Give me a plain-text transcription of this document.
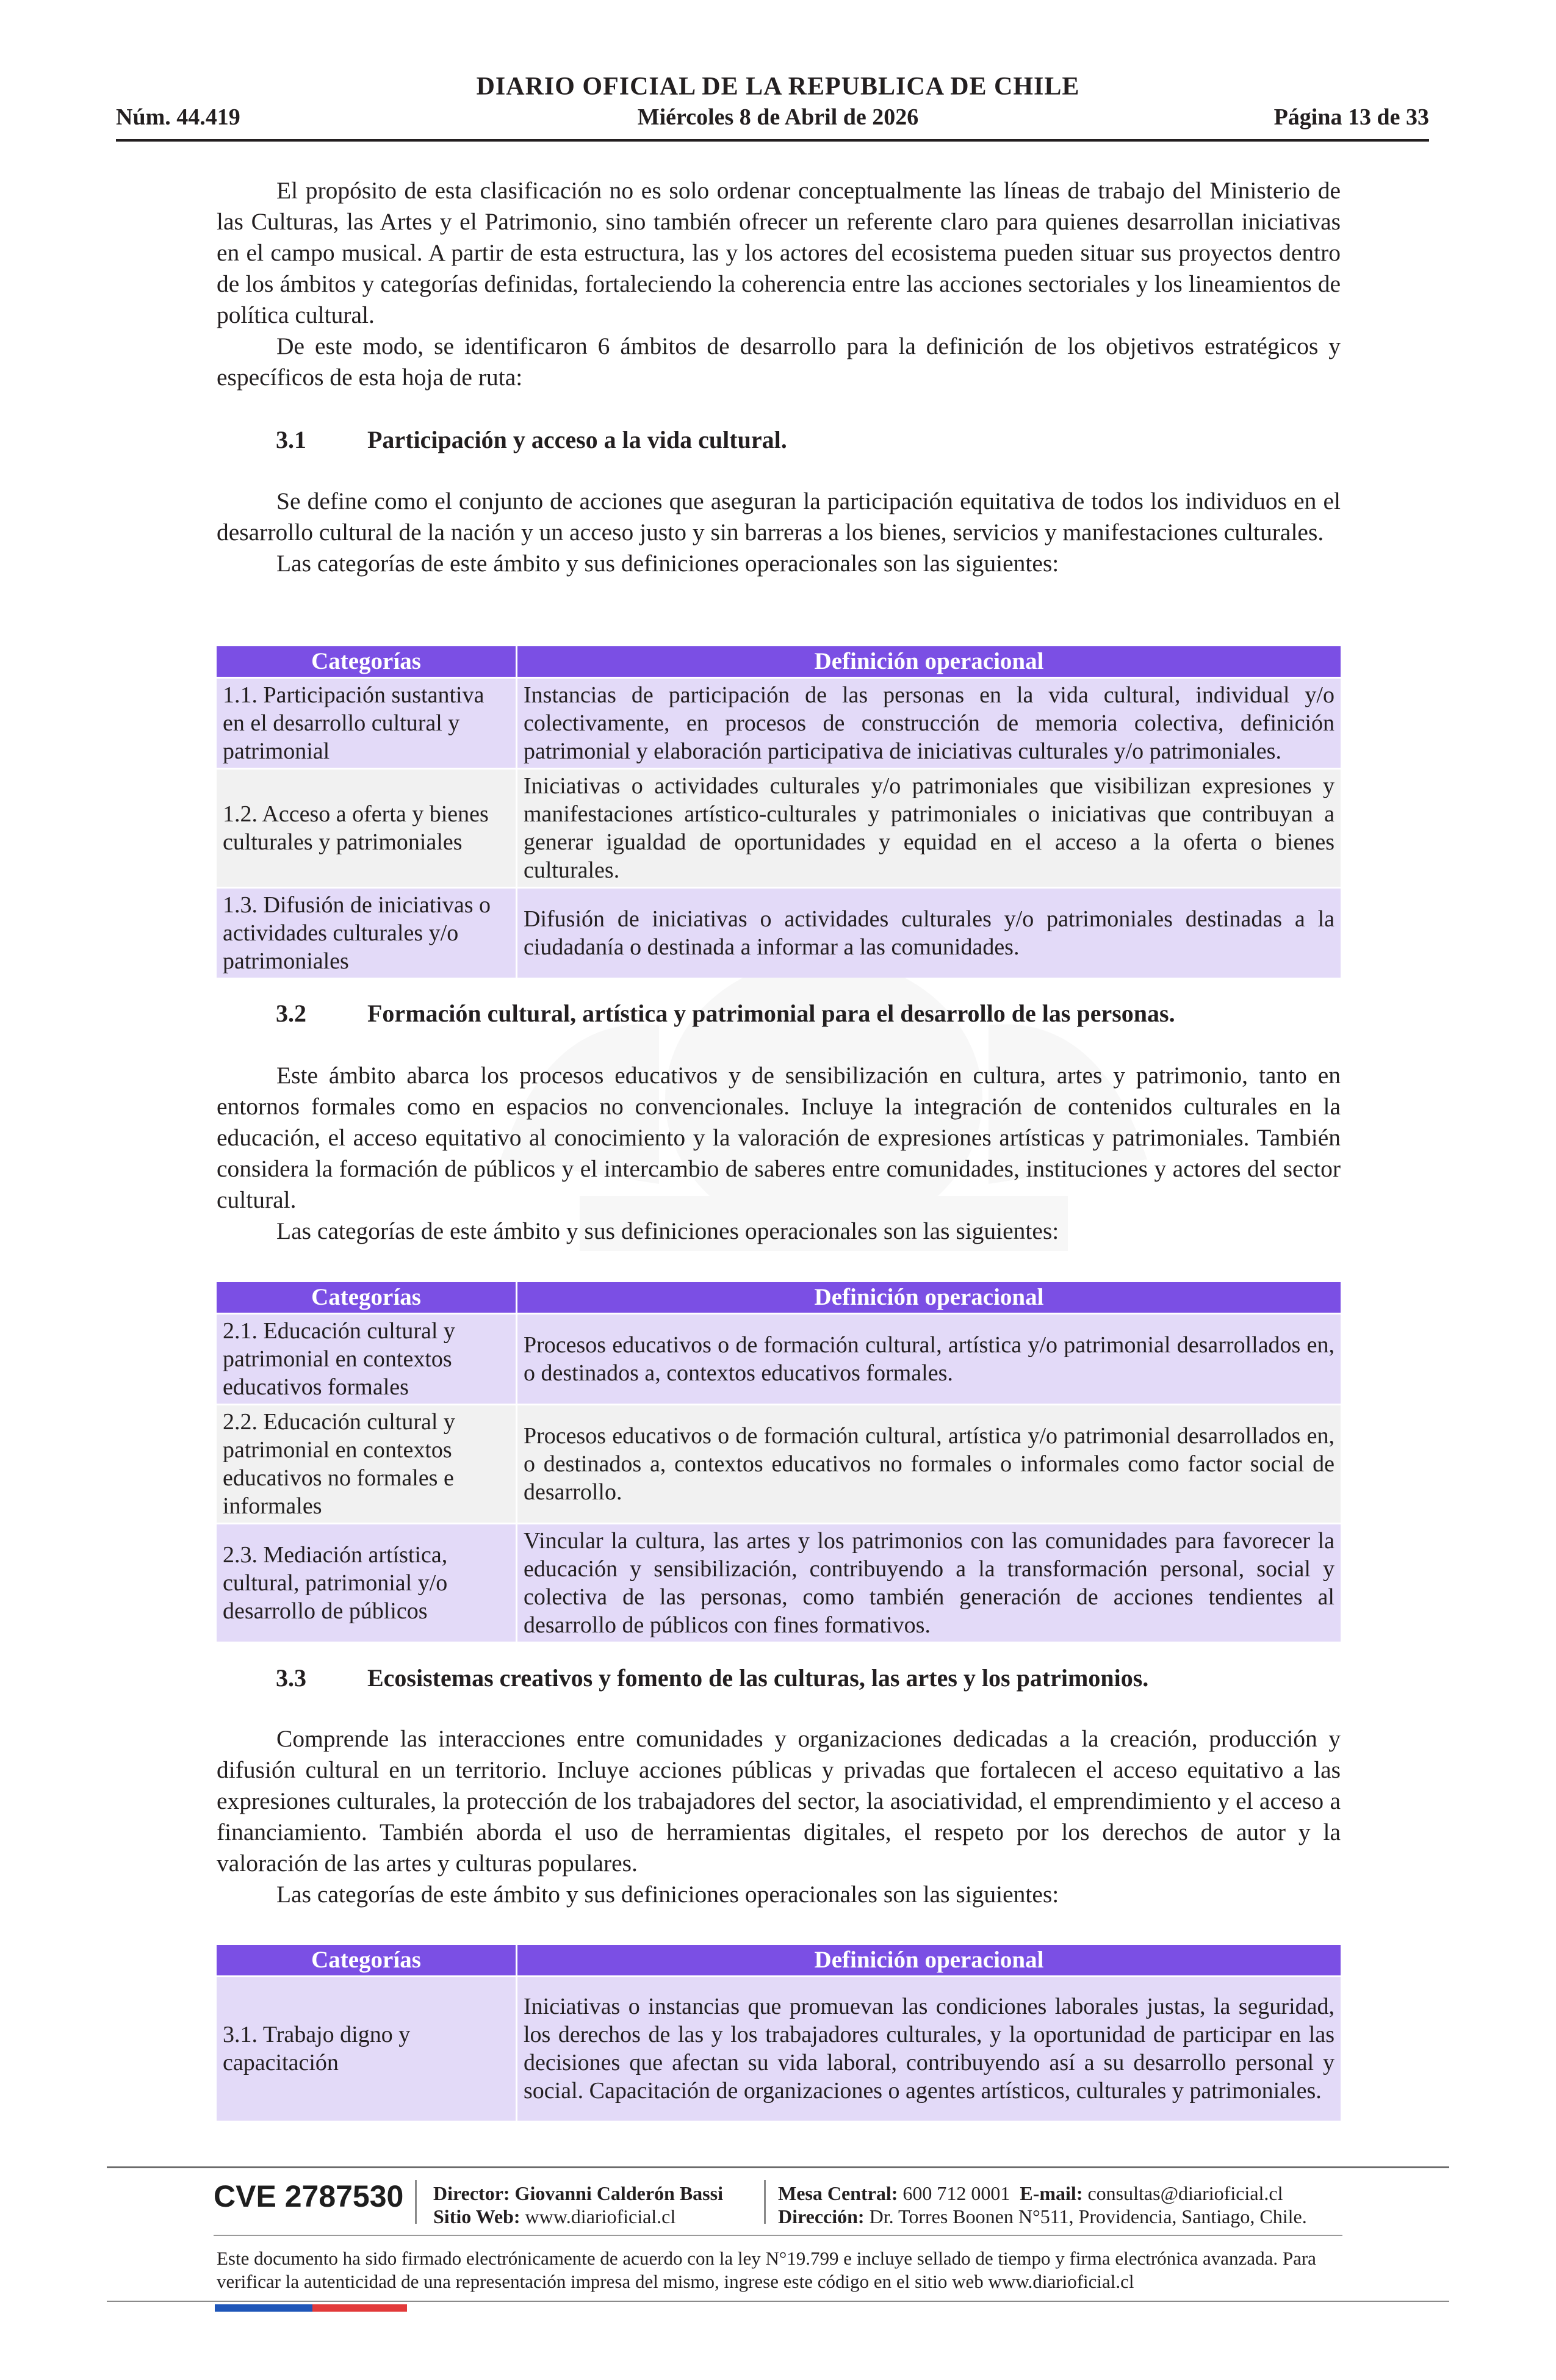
DIARIO OFICIAL DE LA REPUBLICA DE CHILE
Núm. 44.419	Miércoles 8 de Abril de 2026	Página 13 de 33

El propósito de esta clasificación no es solo ordenar conceptualmente las líneas de trabajo del Ministerio de las Culturas, las Artes y el Patrimonio, sino también ofrecer un referente claro para quienes desarrollan iniciativas en el campo musical. A partir de esta estructura, las y los actores del ecosistema pueden situar sus proyectos dentro de los ámbitos y categorías definidas, fortaleciendo la coherencia entre las acciones sectoriales y los lineamientos de política cultural.

De este modo, se identificaron 6 ámbitos de desarrollo para la definición de los objetivos estratégicos y específicos de esta hoja de ruta:

3.1	Participación y acceso a la vida cultural.

Se define como el conjunto de acciones que aseguran la participación equitativa de todos los individuos en el desarrollo cultural de la nación y un acceso justo y sin barreras a los bienes, servicios y manifestaciones culturales.

Las categorías de este ámbito y sus definiciones operacionales son las siguientes:

Categorías	Definición operacional
1.1. Participación sustantiva en el desarrollo cultural y patrimonial	Instancias de participación de las personas en la vida cultural, individual y/o colectivamente, en procesos de construcción de memoria colectiva, definición patrimonial y elaboración participativa de iniciativas culturales y/o patrimoniales.
1.2. Acceso a oferta y bienes culturales y patrimoniales	Iniciativas o actividades culturales y/o patrimoniales que visibilizan expresiones y manifestaciones artístico-culturales y patrimoniales o iniciativas que contribuyan a generar igualdad de oportunidades y equidad en el acceso a la oferta o bienes culturales.
1.3. Difusión de iniciativas o actividades culturales y/o patrimoniales	Difusión de iniciativas o actividades culturales y/o patrimoniales destinadas a la ciudadanía o destinada a informar a las comunidades.
3.2	Formación cultural, artística y patrimonial para el desarrollo de las personas.

Este ámbito abarca los procesos educativos y de sensibilización en cultura, artes y patrimonio, tanto en entornos formales como en espacios no convencionales. Incluye la integración de contenidos culturales en la educación, el acceso equitativo al conocimiento y la valoración de expresiones artísticas y patrimoniales. También considera la formación de públicos y el intercambio de saberes entre comunidades, instituciones y actores del sector cultural.

Las categorías de este ámbito y sus definiciones operacionales son las siguientes:

Categorías	Definición operacional
2.1. Educación cultural y patrimonial en contextos educativos formales	Procesos educativos o de formación cultural, artística y/o patrimonial desarrollados en, o destinados a, contextos educativos formales.
2.2. Educación cultural y patrimonial en contextos educativos no formales e informales	Procesos educativos o de formación cultural, artística y/o patrimonial desarrollados en, o destinados a, contextos educativos no formales o informales como factor social de desarrollo.
2.3. Mediación artística, cultural, patrimonial y/o desarrollo de públicos	Vincular la cultura, las artes y los patrimonios con las comunidades para favorecer la educación y sensibilización, contribuyendo a la transformación personal, social y colectiva de las personas, como también generación de acciones tendientes al desarrollo de públicos con fines formativos.
3.3	Ecosistemas creativos y fomento de las culturas, las artes y los patrimonios.

Comprende las interacciones entre comunidades y organizaciones dedicadas a la creación, producción y difusión cultural en un territorio. Incluye acciones públicas y privadas que fortalecen el acceso equitativo a las expresiones culturales, la protección de los trabajadores del sector, la asociatividad, el emprendimiento y el acceso a financiamiento. También aborda el uso de herramientas digitales, el respeto por los derechos de autor y la valoración de las artes y culturas populares.

Las categorías de este ámbito y sus definiciones operacionales son las siguientes:

Categorías	Definición operacional
3.1. Trabajo digno y capacitación	Iniciativas o instancias que promuevan las condiciones laborales justas, la seguridad, los derechos de las y los trabajadores culturales, y la oportunidad de participar en las decisiones que afectan su vida laboral, contribuyendo así a su desarrollo personal y social. Capacitación de organizaciones o agentes artísticos, culturales y patrimoniales.
CVE 2787530 Director: Giovanni Calderón Bassi
Sitio Web: www.diarioficial.cl
Mesa Central: 600 712 0001 E-mail: consultas@diarioficial.cl
Dirección: Dr. Torres Boonen N°511, Providencia, Santiago, Chile.
Este documento ha sido firmado electrónicamente de acuerdo con la ley N°19.799 e incluye sellado de tiempo y firma electrónica avanzada. Para verificar la autenticidad de una representación impresa del mismo, ingrese este código en el sitio web www.diarioficial.cl
